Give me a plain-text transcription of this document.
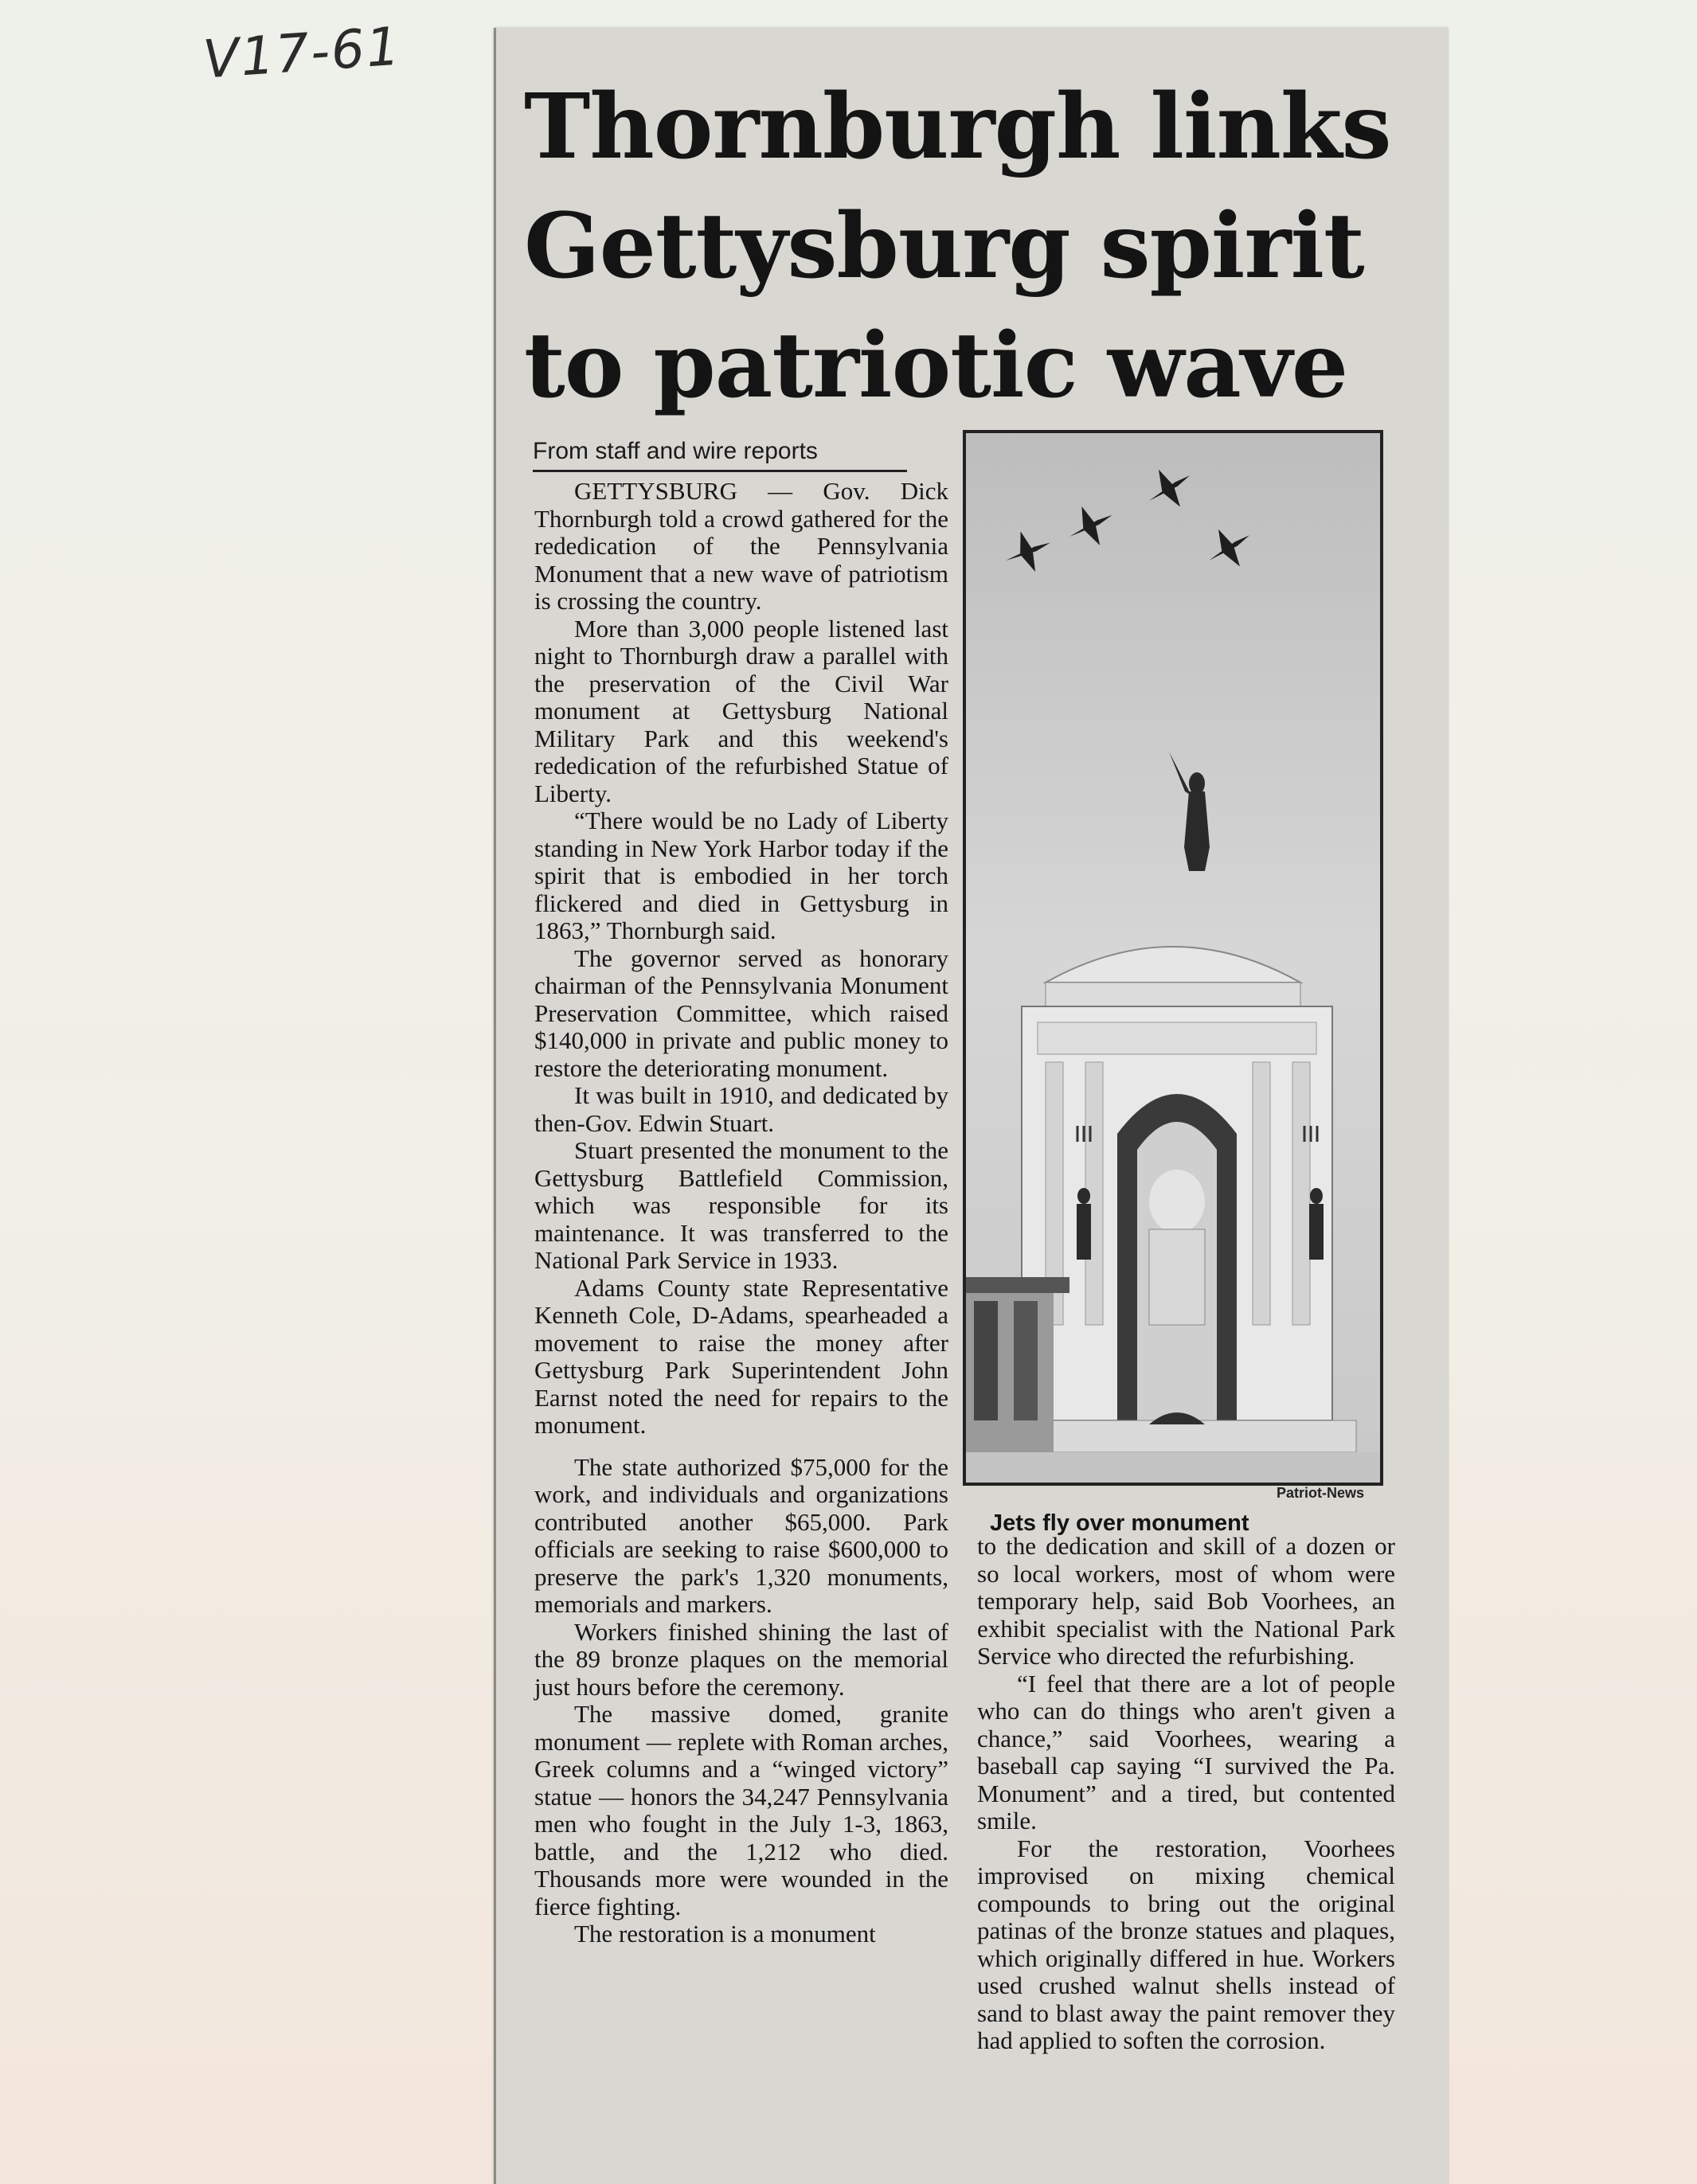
V17-61
Thornburgh links
Gettysburg spirit
to patriotic wave
From staff and wire reports

GETTYSBURG — Gov. Dick Thornburgh told a crowd gathered for the rededication of the Pennsylvania Monument that a new wave of patriotism is crossing the country.

More than 3,000 people listened last night to Thornburgh draw a parallel with the preservation of the Civil War monument at Gettysburg National Military Park and this weekend's rededication of the refurbished Statue of Liberty.

“There would be no Lady of Liberty standing in New York Harbor today if the spirit that is embodied in her torch flickered and died in Gettysburg in 1863,” Thornburgh said.

The governor served as honorary chairman of the Pennsylvania Monument Preservation Committee, which raised $140,000 in private and public money to restore the deteriorating monument.

It was built in 1910, and dedicated by then-Gov. Edwin Stuart.

Stuart presented the monument to the Gettysburg Battlefield Commission, which was responsible for its maintenance. It was transferred to the National Park Service in 1933.

Adams County state Representative Kenneth Cole, D-Adams, spearheaded a movement to raise the money after Gettysburg Park Superintendent John Earnst noted the need for repairs to the monument.

The state authorized $75,000 for the work, and individuals and organizations contributed another $65,000. Park officials are seeking to raise $600,000 to preserve the park's 1,320 monuments, memorials and markers.

Workers finished shining the last of the 89 bronze plaques on the memorial just hours before the ceremony.

The massive domed, granite monument — replete with Roman arches, Greek columns and a “winged victory” statue — honors the 34,247 Pennsylvania men who fought in the July 1-3, 1863, battle, and the 1,212 who died. Thousands more were wounded in the fierce fighting.

The restoration is a monument

Patriot-News
Jets fly over monument

to the dedication and skill of a dozen or so local workers, most of whom were temporary help, said Bob Voorhees, an exhibit specialist with the National Park Service who directed the refurbishing.

“I feel that there are a lot of people who can do things who aren't given a chance,” said Voorhees, wearing a baseball cap saying “I survived the Pa. Monument” and a tired, but contented smile.

For the restoration, Voorhees improvised on mixing chemical compounds to bring out the original patinas of the bronze statues and plaques, which originally differed in hue. Workers used crushed walnut shells instead of sand to blast away the paint remover they had applied to soften the corrosion.
